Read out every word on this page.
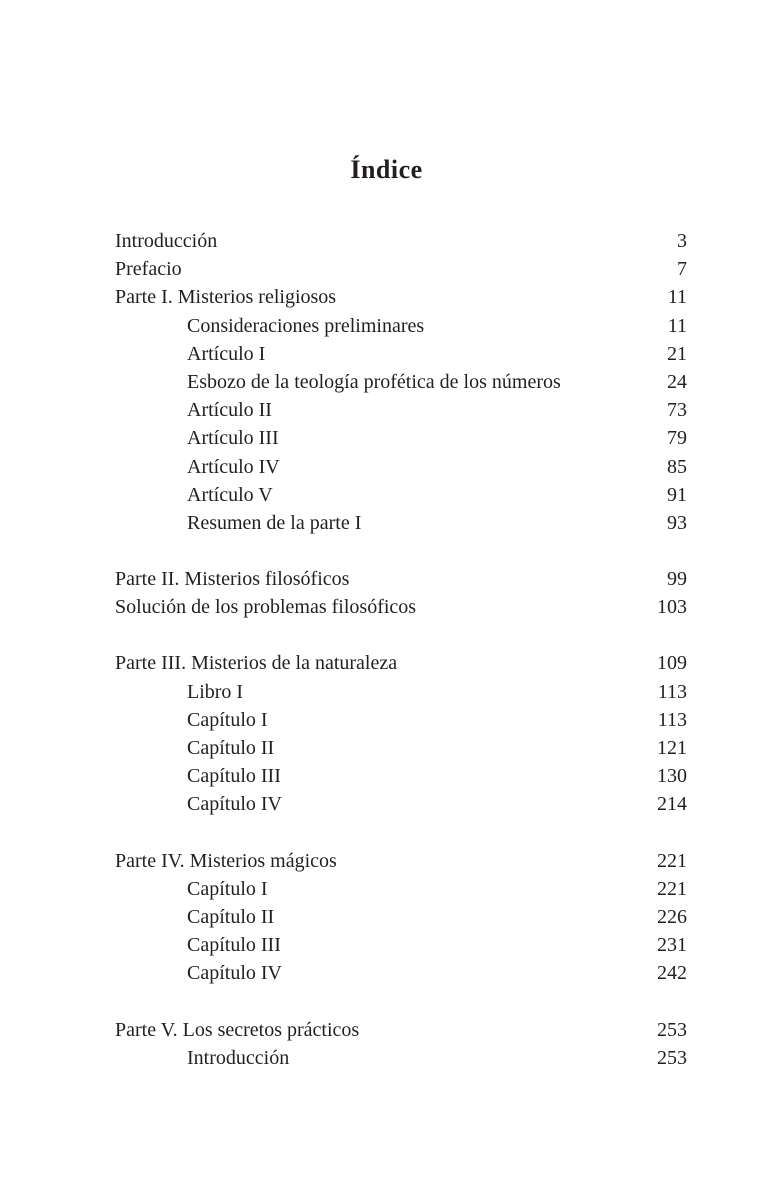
Índice
Introducción	3
Prefacio	7
Parte I. Misterios religiosos	11
Consideraciones preliminares	11
Artículo I	21
Esbozo de la teología profética de los números	24
Artículo II	73
Artículo III	79
Artículo IV	85
Artículo V	91
Resumen de la parte I	93
Parte II. Misterios filosóficos	99
Solución de los problemas filosóficos	103
Parte III. Misterios de la naturaleza	109
Libro I	113
Capítulo I	113
Capítulo II	121
Capítulo III	130
Capítulo IV	214
Parte IV. Misterios mágicos	221
Capítulo I	221
Capítulo II	226
Capítulo III	231
Capítulo IV	242
Parte V. Los secretos prácticos	253
Introducción	253
